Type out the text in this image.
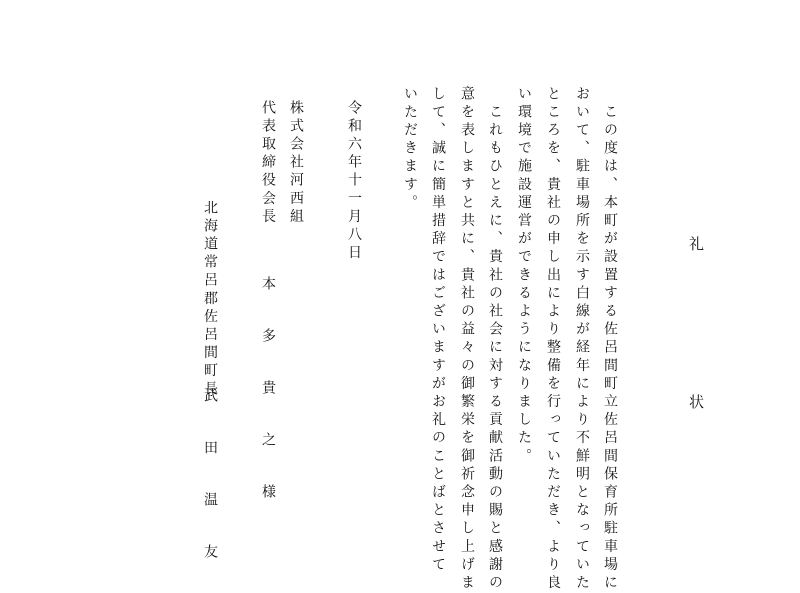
礼　状
　この度は、本町が設置する佐呂間町立佐呂間保育所駐車場に
おいて、駐車場所を示す白線が経年により不鮮明となっていた
ところを、貴社の申し出により整備を行っていただき、より良
い環境で施設運営ができるようになりました。
　これもひとえに、貴社の社会に対する貢献活動の賜と感謝の
意を表しますと共に、貴社の益々の御繁栄を御祈念申し上げま
して、誠に簡単措辞ではございますがお礼のことばとさせて
いただきます。
令和六年十一月八日
株式会社河西組
代表取締役会長
本　多　貴　之　様
北海道常呂郡佐呂間町長
武　田　温　友
